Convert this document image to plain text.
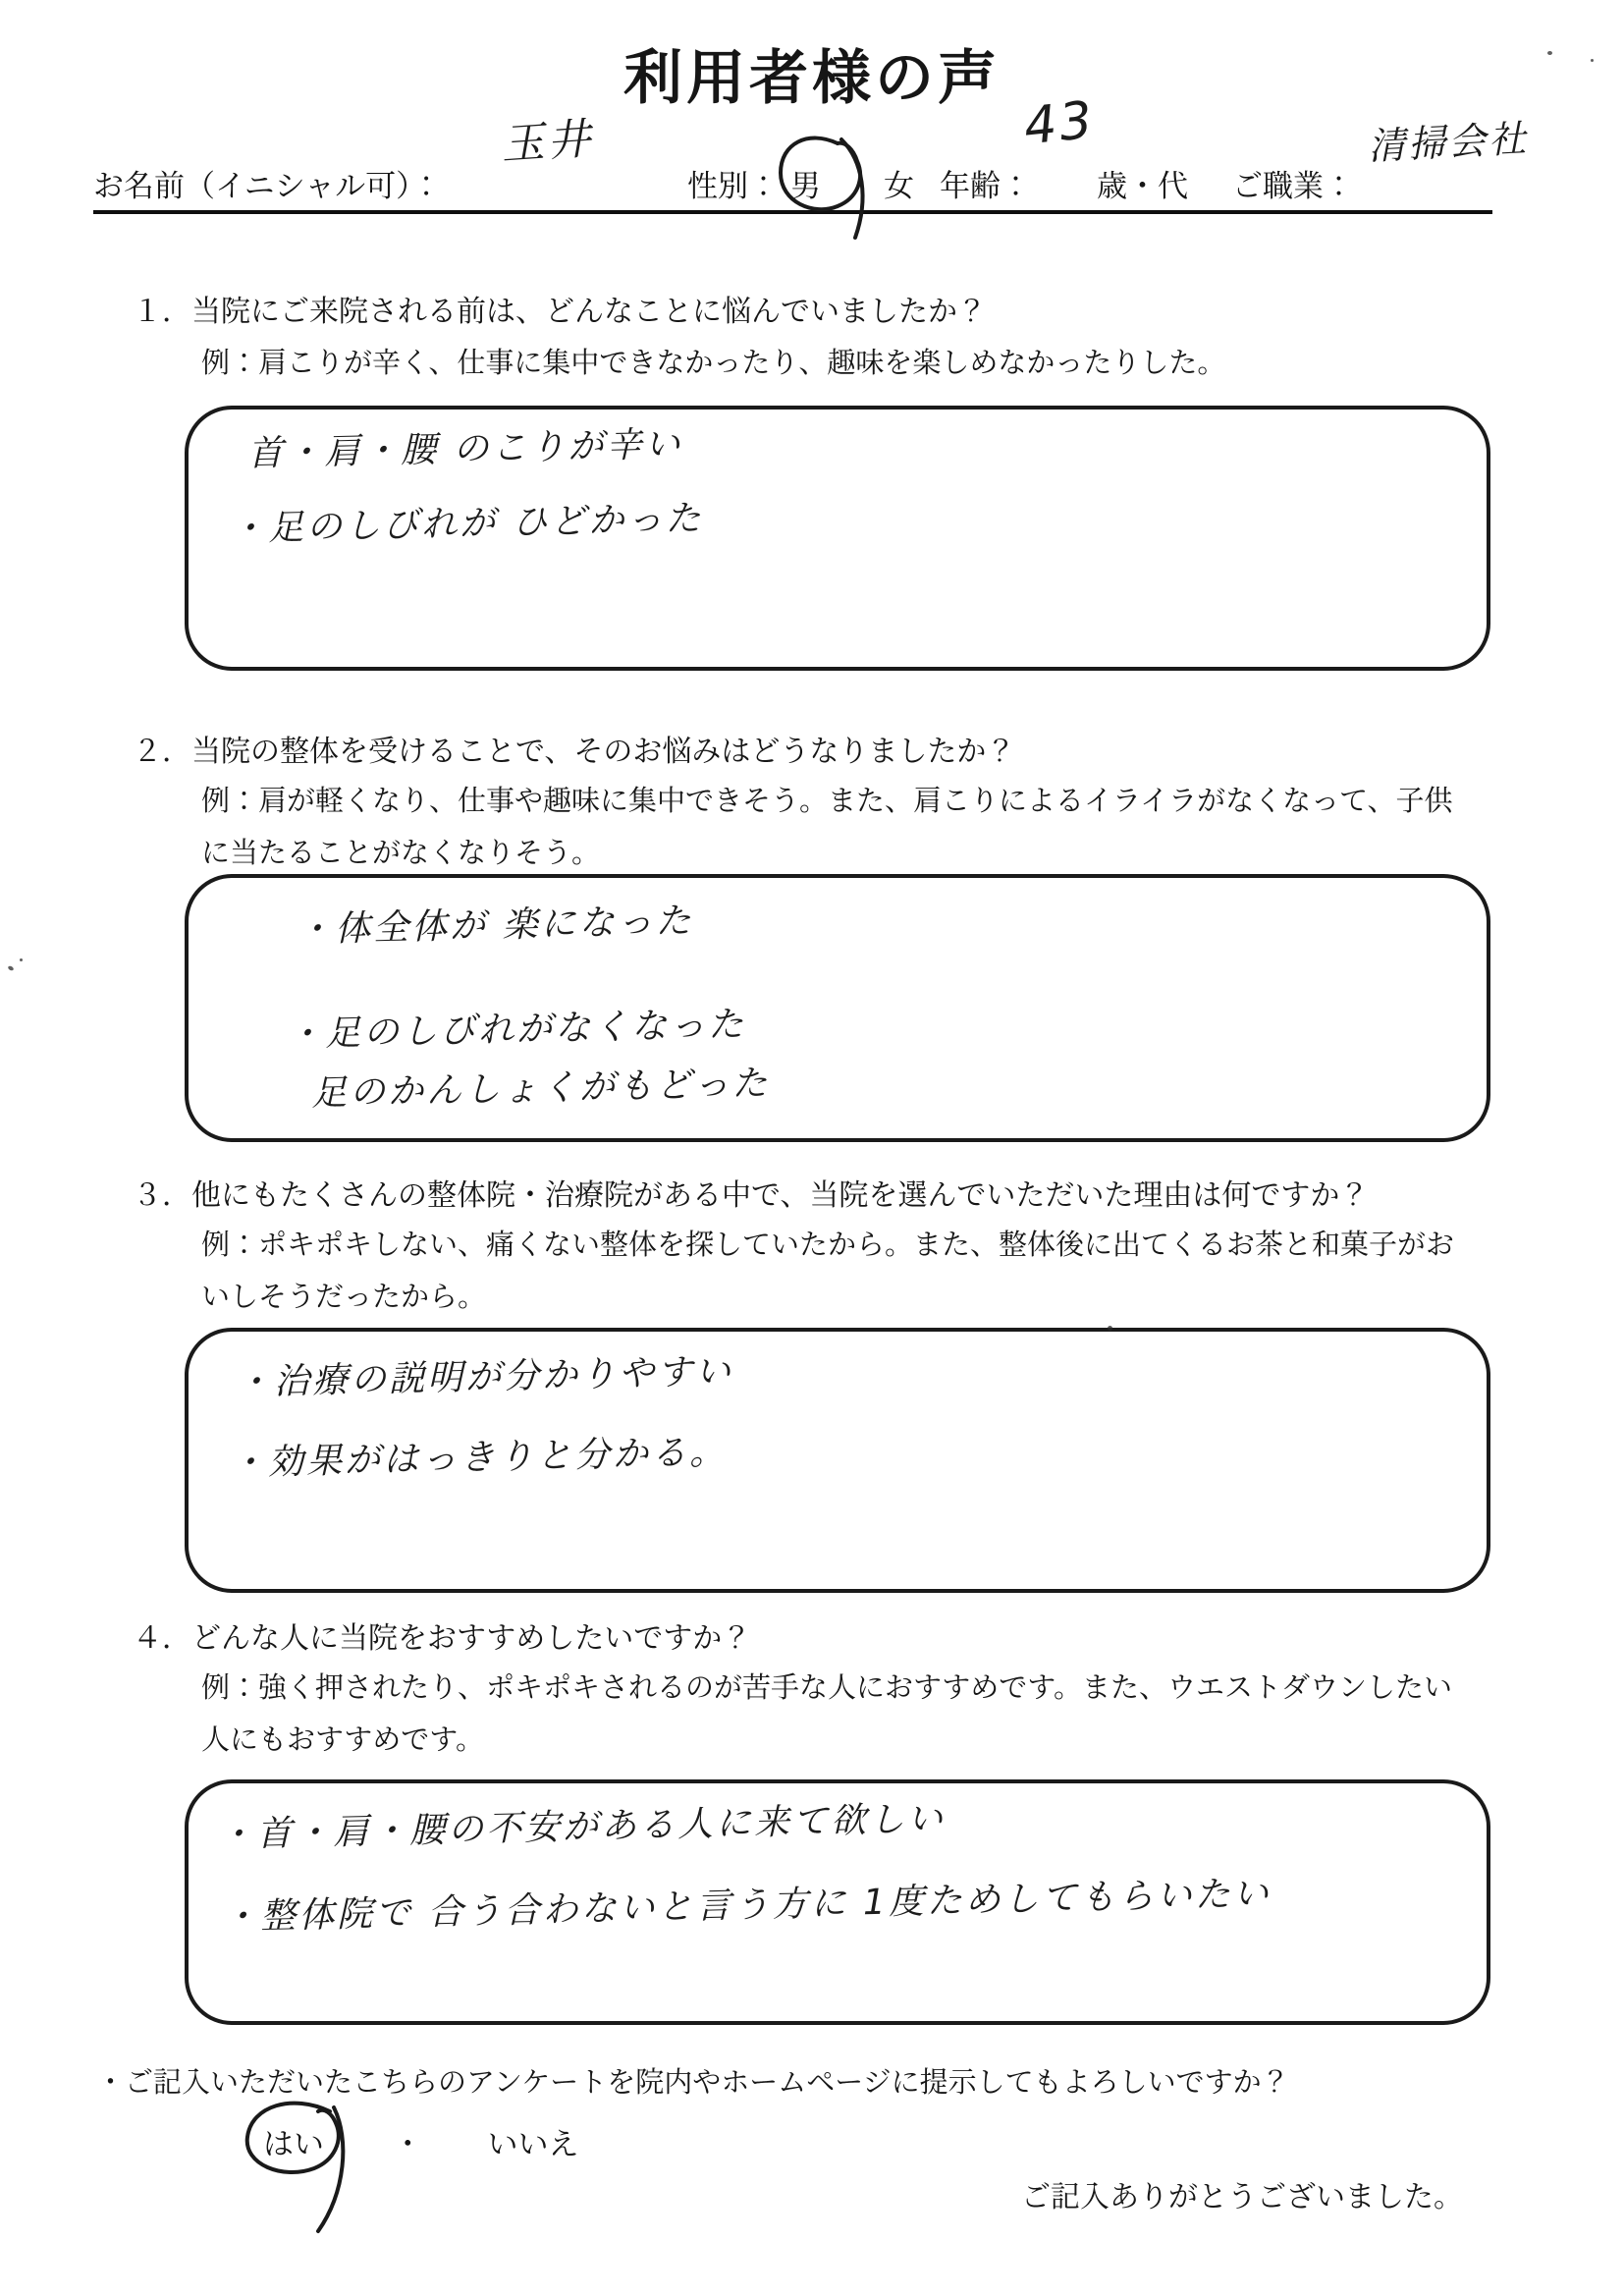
利用者様の声
お名前（イニシャル可）：
玉井
性別： 男 女 年齢：
43
歳・代 ご職業：
清掃会社
１．当院にご来院される前は、どんなことに悩んでいましたか？
例：肩こりが辛く、仕事に集中できなかったり、趣味を楽しめなかったりした。
首・肩・腰 のこりが辛い
・足のしびれが ひどかった
２．当院の整体を受けることで、そのお悩みはどうなりましたか？
例：肩が軽くなり、仕事や趣味に集中できそう。また、肩こりによるイライラがなくなって、子供
に当たることがなくなりそう。
・体全体が 楽になった
・足のしびれがなくなった
足のかんしょくがもどった
３．他にもたくさんの整体院・治療院がある中で、当院を選んでいただいた理由は何ですか？
例：ポキポキしない、痛くない整体を探していたから。また、整体後に出てくるお茶と和菓子がお
いしそうだったから。
・治療の説明が分かりやすい
・効果がはっきりと分かる。
４．どんな人に当院をおすすめしたいですか？
例：強く押されたり、ポキポキされるのが苦手な人におすすめです。また、ウエストダウンしたい
人にもおすすめです。
・首・肩・腰の不安がある人に来て欲しい
・整体院で 合う合わないと言う方に 1度ためしてもらいたい
・ご記入いただいたこちらのアンケートを院内やホームページに提示してもよろしいですか？
はい ・ いいえ
ご記入ありがとうございました。
